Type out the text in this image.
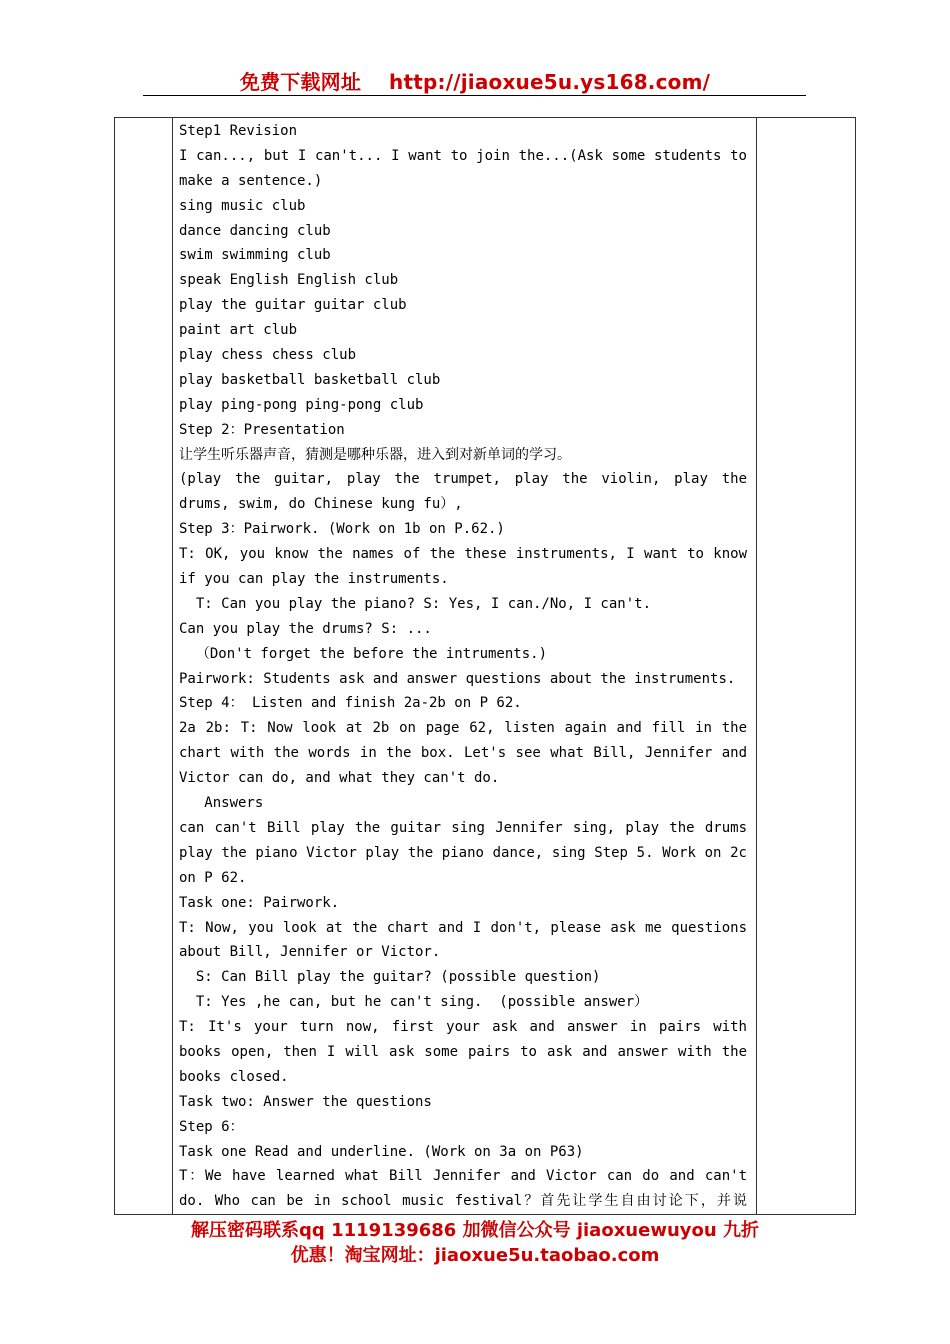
免费下载网址 http://jiaoxue5u.ys168.com/
Step1 Revision
I can..., but I can't... I want to join the...(Ask some students to
make a sentence.)
sing music club
dance dancing club
swim swimming club
speak English English club
play the guitar guitar club
paint art club
play chess chess club
play basketball basketball club
play ping-pong ping-pong club
Step 2：Presentation
让学生听乐器声音，猜测是哪种乐器，进入到对新单词的学习。
(play the guitar, play the trumpet, play the violin, play the
drums, swim, do Chinese kung fu）,
Step 3：Pairwork. (Work on 1b on P.62.)
T: OK, you know the names of the these instruments, I want to know
if you can play the instruments.
T: Can you play the piano? S: Yes, I can./No, I can't.
Can you play the drums? S: ...
（Don't forget the before the intruments.)
Pairwork: Students ask and answer questions about the instruments.
Step 4： Listen and finish 2a-2b on P 62.
2a 2b: T: Now look at 2b on page 62, listen again and fill in the
chart with the words in the box. Let's see what Bill, Jennifer and
Victor can do, and what they can't do.
Answers
can can't Bill play the guitar sing Jennifer sing, play the drums
play the piano Victor play the piano dance, sing Step 5. Work on 2c
on P 62.
Task one: Pairwork.
T: Now, you look at the chart and I don't, please ask me questions
about Bill, Jennifer or Victor.
S: Can Bill play the guitar? (possible question)
T: Yes ,he can, but he can't sing.  (possible answer）
T: It's your turn now, first your ask and answer in pairs with
books open, then I will ask some pairs to ask and answer with the
books closed.
Task two: Answer the questions
Step 6：
Task one Read and underline. (Work on 3a on P63)
T：We have learned what Bill Jennifer and Victor can do and can't
do. Who can be in school music festival？首先让学生自由讨论下，并说
解压密码联系qq 1119139686 加微信公众号 jiaoxuewuyou 九折
优惠！淘宝网址：jiaoxue5u.taobao.com
